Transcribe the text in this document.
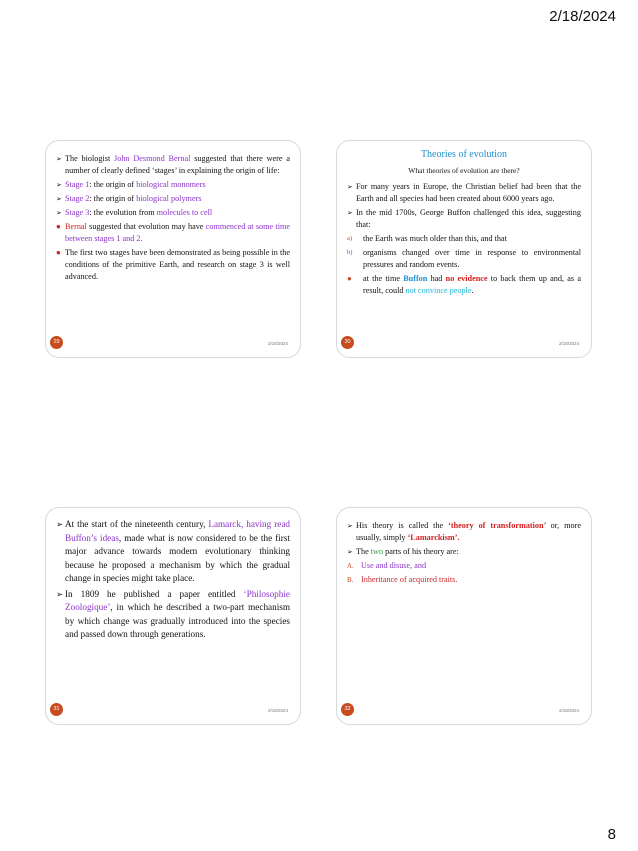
2/18/2024
➢ The biologist John Desmond Bernal suggested that there were a number of clearly defined ‘stages’ in explaining the origin of life:
➢ Stage 1: the origin of biological monomers
➢ Stage 2: the origin of biological polymers
➢ Stage 3: the evolution from molecules to cell
● Bernal suggested that evolution may have commenced at some time between stages 1 and 2.
● The first two stages have been demonstrated as being possible in the conditions of the primitive Earth, and research on stage 3 is well advanced.
29	2/18/2024
Theories of evolution
What theories of evolution are there?
➢ For many years in Europe, the Christian belief had been that the Earth and all species had been created about 6000 years ago.
➢ In the mid 1700s, George Buffon challenged this idea, suggesting that:
a) the Earth was much older than this, and that
b) organisms changed over time in response to environmental pressures and random events.
● at the time Buffon had no evidence to back them up and, as a result, could not convince people.
30	2/18/2024
➢ At the start of the nineteenth century, Lamarck, having read Buffon’s ideas, made what is now considered to be the first major advance towards modern evolutionary thinking because he proposed a mechanism by which the gradual change in species might take place.
➢ In 1809 he published a paper entitled ‘Philosophie Zoologique’, in which he described a two-part mechanism by which change was gradually introduced into the species and passed down through generations.
31	2/18/2024
➢ His theory is called the ‘theory of transformation’ or, more usually, simply ‘Lamarckism’.
➢ The two parts of his theory are:
A. Use and disuse, and
B. Inheritance of acquired traits.
32	2/18/2024
8
